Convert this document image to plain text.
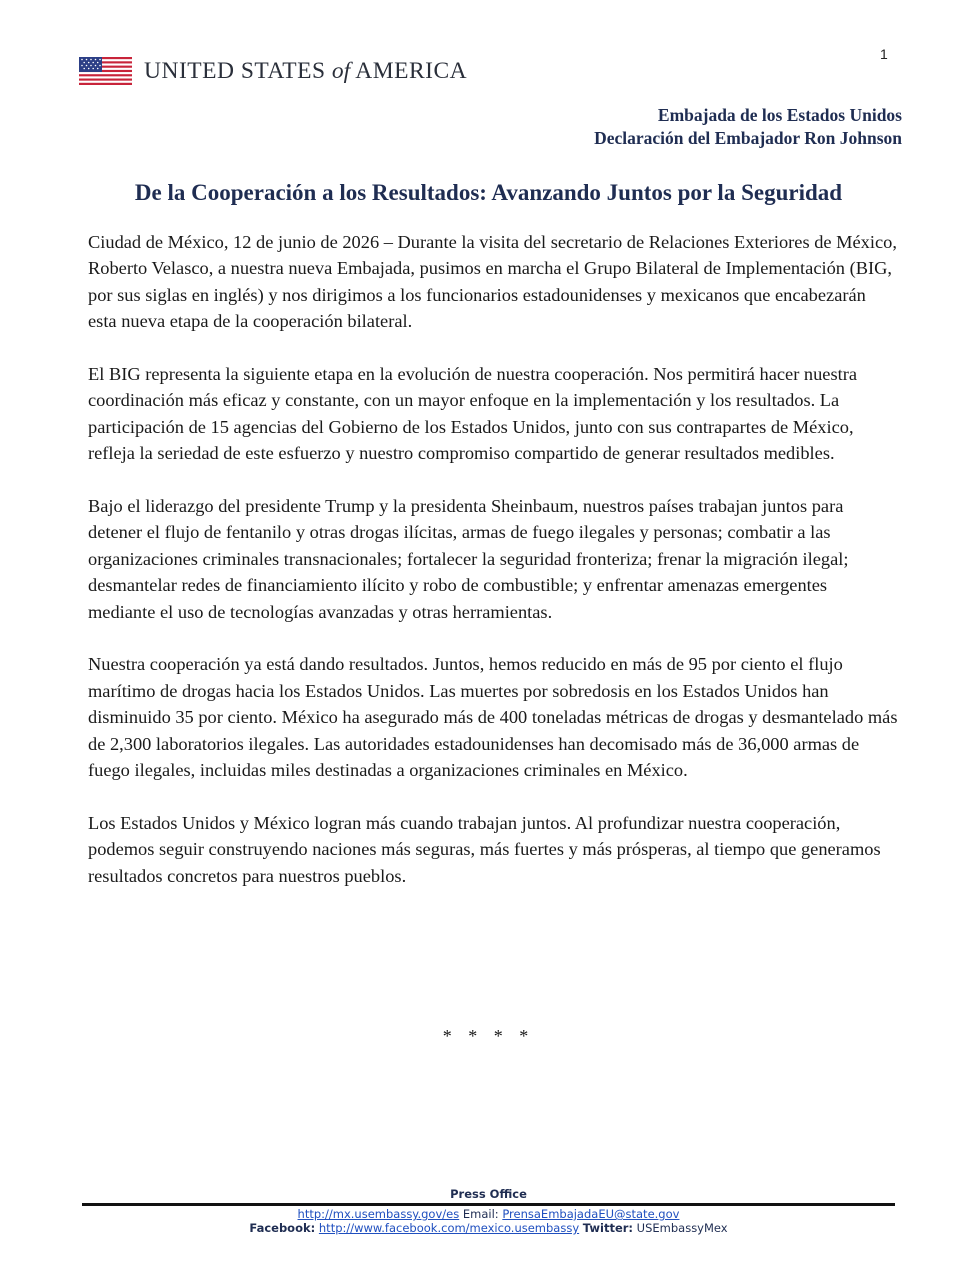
1
UNITED STATES of AMERICA
Embajada de los Estados Unidos
Declaración del Embajador Ron Johnson
De la Cooperación a los Resultados: Avanzando Juntos por la Seguridad

Ciudad de México, 12 de junio de 2026 – Durante la visita del secretario de Relaciones Exteriores de México, Roberto Velasco, a nuestra nueva Embajada, pusimos en marcha el Grupo Bilateral de Implementación (BIG, por sus siglas en inglés) y nos dirigimos a los funcionarios estadounidenses y mexicanos que encabezarán esta nueva etapa de la cooperación bilateral.

El BIG representa la siguiente etapa en la evolución de nuestra cooperación. Nos permitirá hacer nuestra coordinación más eficaz y constante, con un mayor enfoque en la implementación y los resultados. La participación de 15 agencias del Gobierno de los Estados Unidos, junto con sus contrapartes de México, refleja la seriedad de este esfuerzo y nuestro compromiso compartido de generar resultados medibles.

Bajo el liderazgo del presidente Trump y la presidenta Sheinbaum, nuestros países trabajan juntos para detener el flujo de fentanilo y otras drogas ilícitas, armas de fuego ilegales y personas; combatir a las organizaciones criminales transnacionales; fortalecer la seguridad fronteriza; frenar la migración ilegal; desmantelar redes de financiamiento ilícito y robo de combustible; y enfrentar amenazas emergentes mediante el uso de tecnologías avanzadas y otras herramientas.

Nuestra cooperación ya está dando resultados. Juntos, hemos reducido en más de 95 por ciento el flujo marítimo de drogas hacia los Estados Unidos. Las muertes por sobredosis en los Estados Unidos han disminuido 35 por ciento. México ha asegurado más de 400 toneladas métricas de drogas y desmantelado más de 2,300 laboratorios ilegales. Las autoridades estadounidenses han decomisado más de 36,000 armas de fuego ilegales, incluidas miles destinadas a organizaciones criminales en México.

Los Estados Unidos y México logran más cuando trabajan juntos. Al profundizar nuestra cooperación, podemos seguir construyendo naciones más seguras, más fuertes y más prósperas, al tiempo que generamos resultados concretos para nuestros pueblos.

* * * *
Press Office
http://mx.usembassy.gov/es Email: PrensaEmbajadaEU@state.gov
Facebook: http://www.facebook.com/mexico.usembassy Twitter: USEmbassyMex
